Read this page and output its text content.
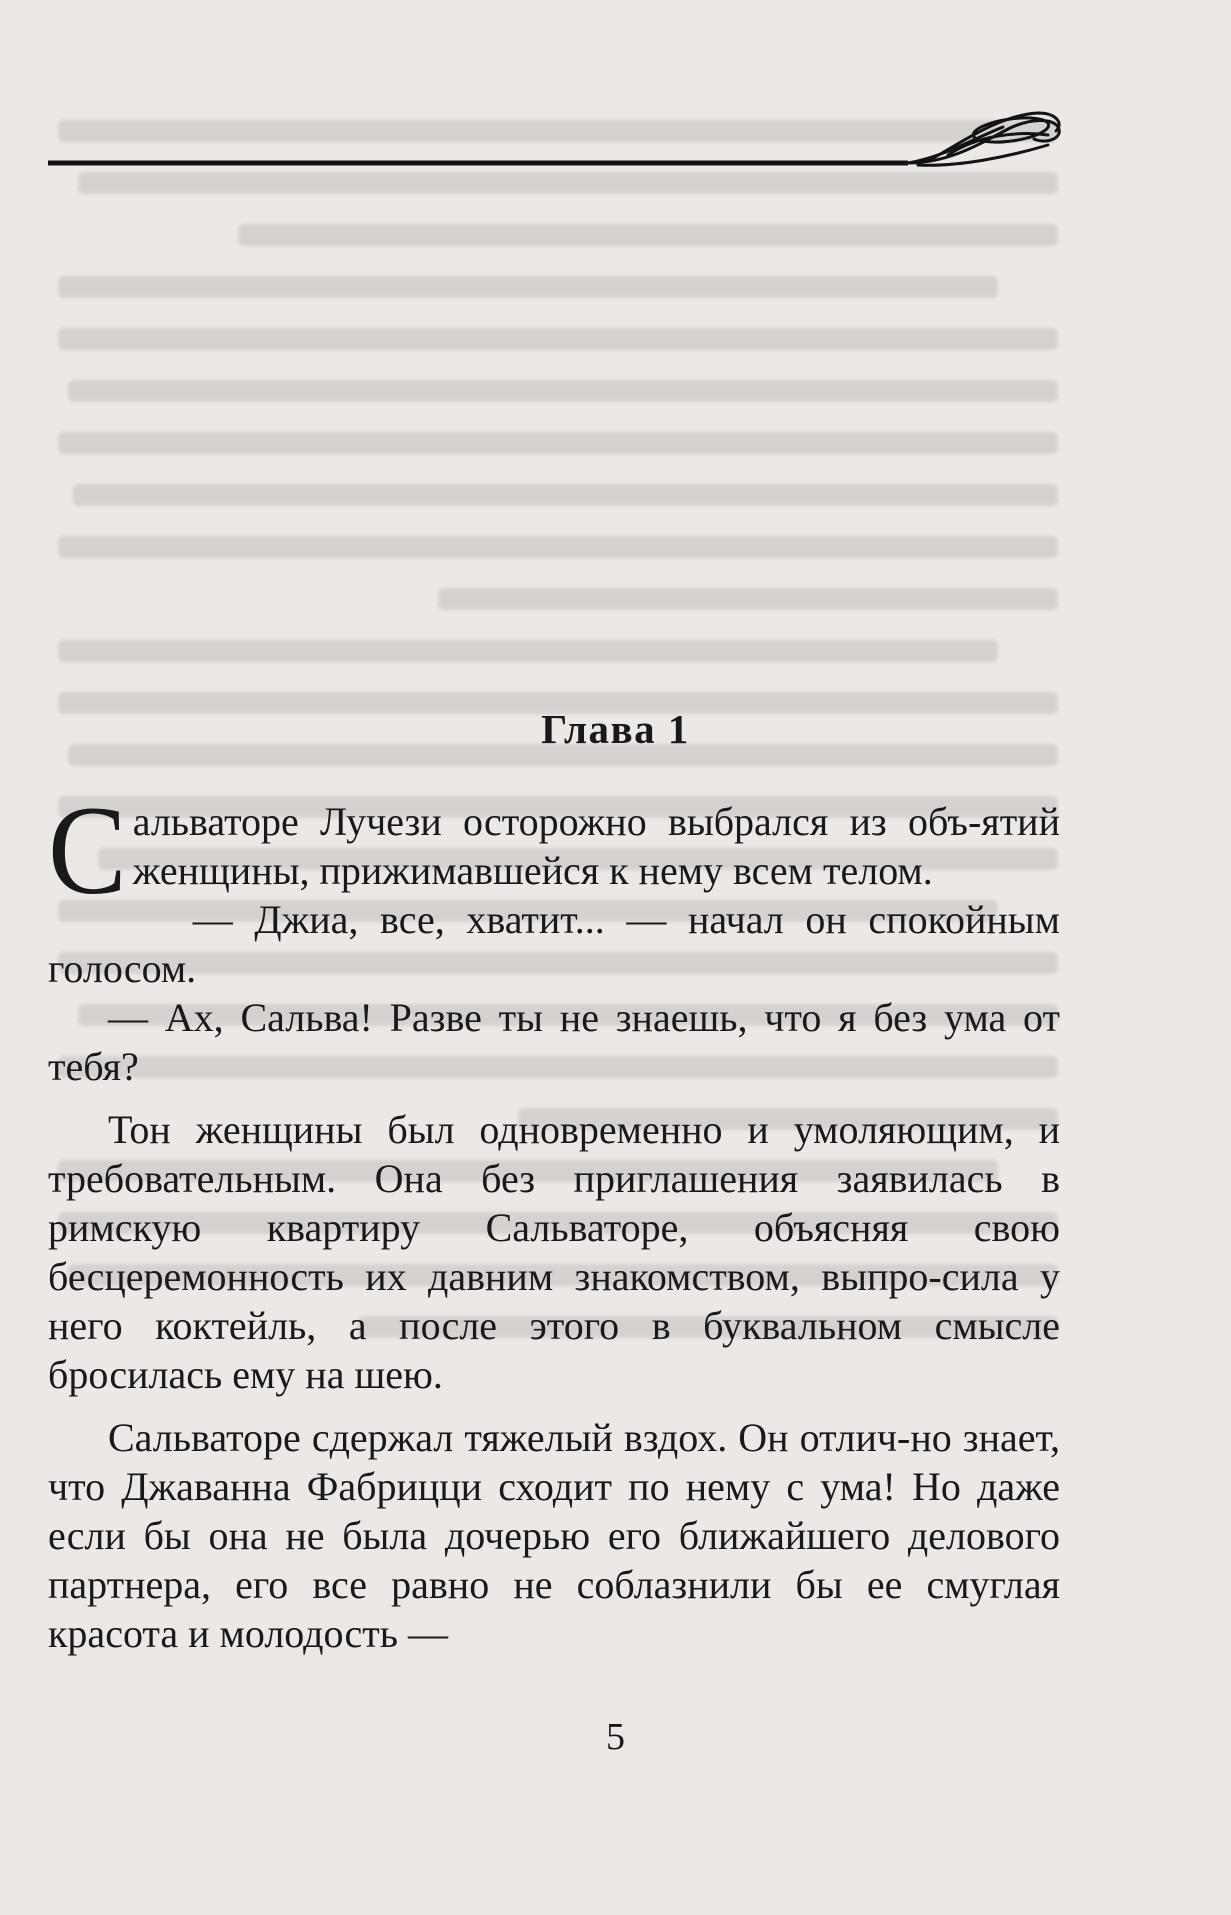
Глава 1

Сальваторе Лучези осторожно выбрался из объ-ятий женщины, прижимавшейся к нему всем телом.

— Джиа, все, хватит... — начал он спокойным голосом.

— Ах, Сальва! Разве ты не знаешь, что я без ума от тебя?

Тон женщины был одновременно и умоляющим, и требовательным. Она без приглашения заявилась в римскую квартиру Сальваторе, объясняя свою бесцеремонность их давним знакомством, выпро-сила у него коктейль, а после этого в буквальном смысле бросилась ему на шею.

Сальваторе сдержал тяжелый вздох. Он отлич-но знает, что Джаванна Фабрицци сходит по нему с ума! Но даже если бы она не была дочерью его ближайшего делового партнера, его все равно не соблазнили бы ее смуглая красота и молодость —

5
